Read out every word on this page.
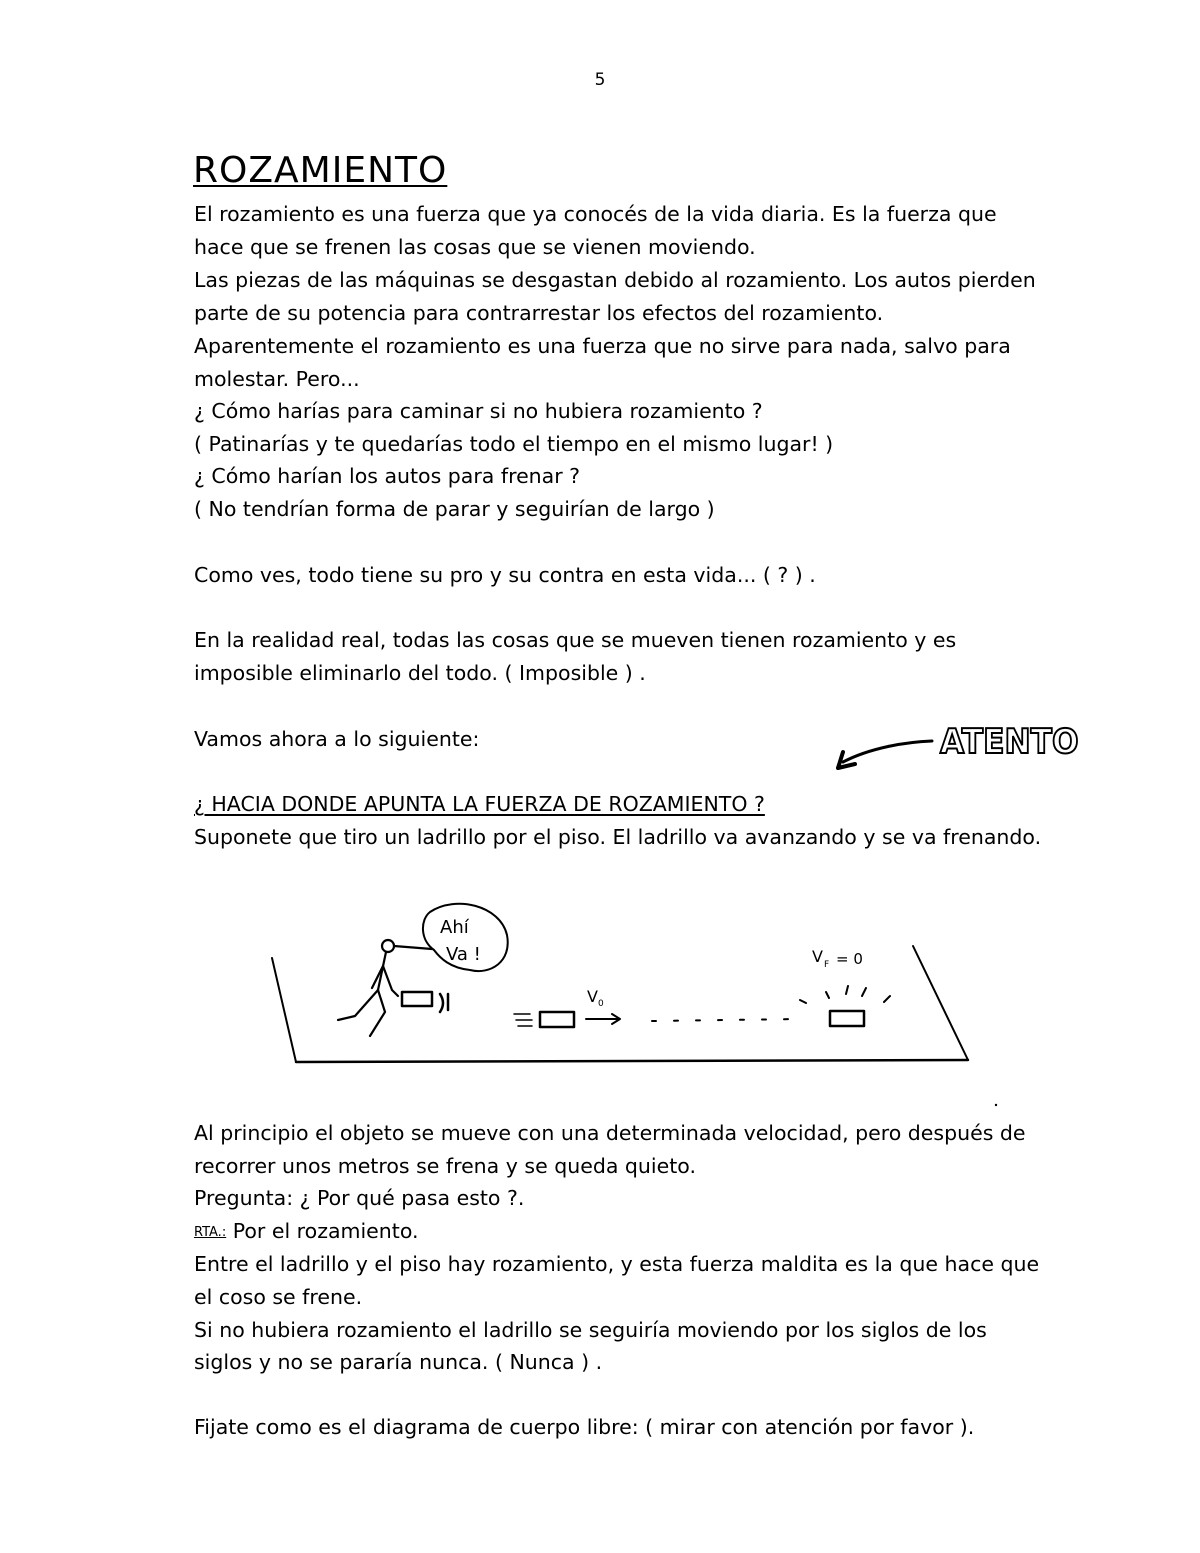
5
ROZAMIENTO
El rozamiento es una fuerza que ya conocés de la vida diaria. Es la fuerza que
hace que se frenen las cosas que se vienen moviendo.
Las piezas de las máquinas se desgastan debido al rozamiento. Los autos pierden
parte de su potencia para contrarrestar los efectos del rozamiento.
Aparentemente el rozamiento es una fuerza que no sirve para nada, salvo para
molestar. Pero...
¿ Cómo harías para caminar si no hubiera rozamiento ?
( Patinarías y te quedarías todo el tiempo en el mismo lugar! )
¿ Cómo harían los autos para frenar ?
( No tendrían forma de parar y seguirían de largo )
Como ves, todo tiene su pro y su contra en esta vida... ( ? ) .
En la realidad real, todas las cosas que se mueven tienen rozamiento y es
imposible eliminarlo del todo. ( Imposible ) .
Vamos ahora a lo siguiente:	ATENTO
¿ HACIA DONDE APUNTA LA FUERZA DE ROZAMIENTO ?
Suponete que tiro un ladrillo por el piso. El ladrillo va avanzando y se va frenando.
Ahí
Va !
V 0
V F = 0
Al principio el objeto se mueve con una determinada velocidad, pero después de
recorrer unos metros se frena y se queda quieto.
Pregunta: ¿ Por qué pasa esto ?.
RTA.: Por el rozamiento.
Entre el ladrillo y el piso hay rozamiento, y esta fuerza maldita es la que hace que
el coso se frene.
Si no hubiera rozamiento el ladrillo se seguiría moviendo por los siglos de los
siglos y no se pararía nunca. ( Nunca ) .
Fijate como es el diagrama de cuerpo libre: ( mirar con atención por favor ).
